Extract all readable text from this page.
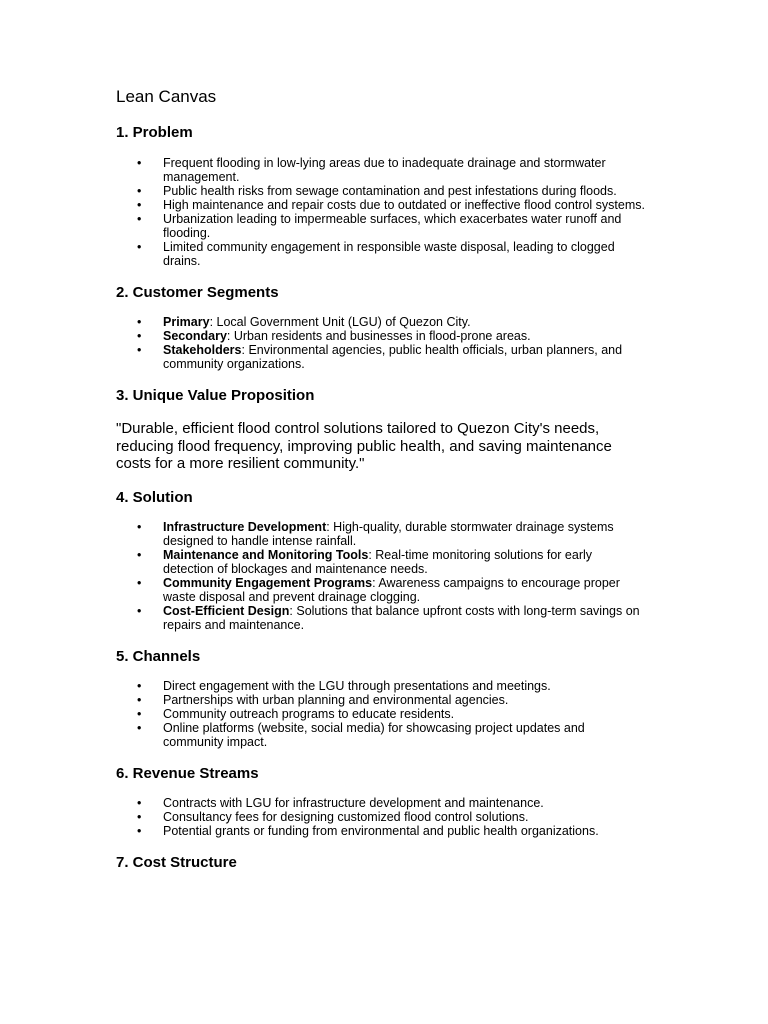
Lean Canvas
1. Problem
• Frequent flooding in low-lying areas due to inadequate drainage and stormwater management.
• Public health risks from sewage contamination and pest infestations during floods.
• High maintenance and repair costs due to outdated or ineffective flood control systems.
• Urbanization leading to impermeable surfaces, which exacerbates water runoff and flooding.
• Limited community engagement in responsible waste disposal, leading to clogged drains.
2. Customer Segments
• Primary: Local Government Unit (LGU) of Quezon City.
• Secondary: Urban residents and businesses in flood-prone areas.
• Stakeholders: Environmental agencies, public health officials, urban planners, and community organizations.
3. Unique Value Proposition

"Durable, efficient flood control solutions tailored to Quezon City's needs, reducing flood frequency, improving public health, and saving maintenance costs for a more resilient community."

4. Solution
• Infrastructure Development: High-quality, durable stormwater drainage systems designed to handle intense rainfall.
• Maintenance and Monitoring Tools: Real-time monitoring solutions for early detection of blockages and maintenance needs.
• Community Engagement Programs: Awareness campaigns to encourage proper waste disposal and prevent drainage clogging.
• Cost-Efficient Design: Solutions that balance upfront costs with long-term savings on repairs and maintenance.
5. Channels
• Direct engagement with the LGU through presentations and meetings.
• Partnerships with urban planning and environmental agencies.
• Community outreach programs to educate residents.
• Online platforms (website, social media) for showcasing project updates and community impact.
6. Revenue Streams
• Contracts with LGU for infrastructure development and maintenance.
• Consultancy fees for designing customized flood control solutions.
• Potential grants or funding from environmental and public health organizations.
7. Cost Structure
